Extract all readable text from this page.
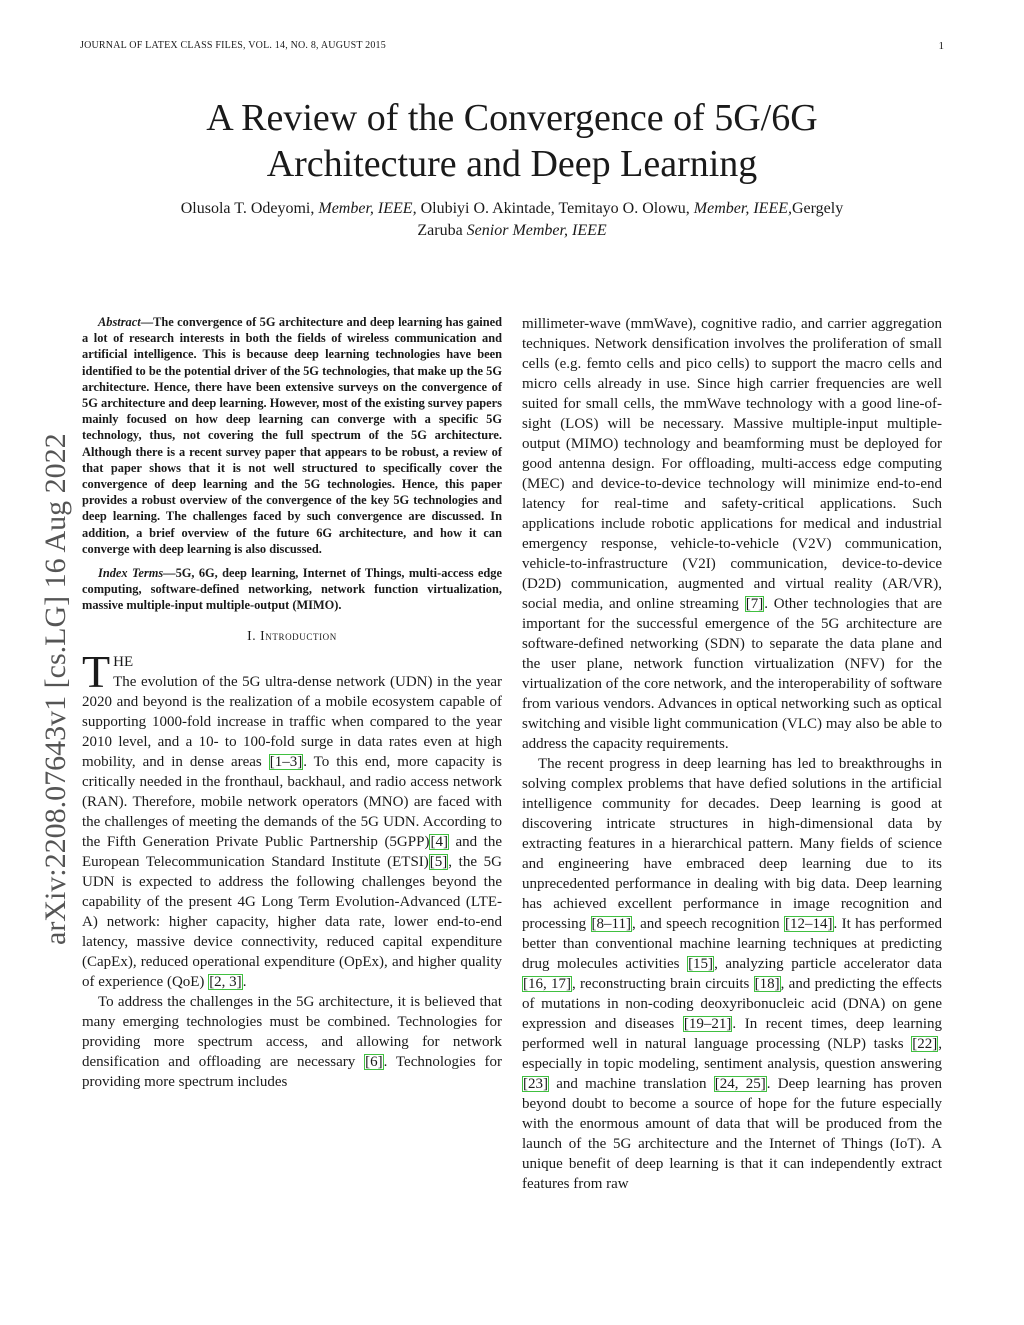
JOURNAL OF LATEX CLASS FILES, VOL. 14, NO. 8, AUGUST 2015	1
arXiv:2208.07643v1 [cs.LG] 16 Aug 2022
A Review of the Convergence of 5G/6G
Architecture and Deep Learning
Olusola T. Odeyomi, Member, IEEE, Olubiyi O. Akintade, Temitayo O. Olowu, Member, IEEE,Gergely
Zaruba Senior Member, IEEE

Abstract—The convergence of 5G architecture and deep learning has gained a lot of research interests in both the fields of wireless communication and artificial intelligence. This is because deep learning technologies have been identified to be the potential driver of the 5G technologies, that make up the 5G architecture. Hence, there have been extensive surveys on the convergence of 5G architecture and deep learning. However, most of the existing survey papers mainly focused on how deep learning can converge with a specific 5G technology, thus, not covering the full spectrum of the 5G architecture. Although there is a recent survey paper that appears to be robust, a review of that paper shows that it is not well structured to specifically cover the convergence of deep learning and the 5G technologies. Hence, this paper provides a robust overview of the convergence of the key 5G technologies and deep learning. The challenges faced by such convergence are discussed. In addition, a brief overview of the future 6G architecture, and how it can converge with deep learning is also discussed.

Index Terms—5G, 6G, deep learning, Internet of Things, multi-access edge computing, software-defined networking, network function virtualization, massive multiple-input multiple-output (MIMO).

I. Introduction

THE
The evolution of the 5G ultra-dense network (UDN) in the year 2020 and beyond is the realization of a mobile ecosystem capable of supporting 1000-fold increase in traffic when compared to the year 2010 level, and a 10- to 100-fold surge in data rates even at high mobility, and in dense areas [1–3]. To this end, more capacity is critically needed in the fronthaul, backhaul, and radio access network (RAN). Therefore, mobile network operators (MNO) are faced with the challenges of meeting the demands of the 5G UDN. According to the Fifth Generation Private Public Partnership (5GPP)[4] and the European Telecommunication Standard Institute (ETSI)[5], the 5G UDN is expected to address the following challenges beyond the capability of the present 4G Long Term Evolution-Advanced (LTE-A) network: higher capacity, higher data rate, lower end-to-end latency, massive device connectivity, reduced capital expenditure (CapEx), reduced operational expenditure (OpEx), and higher quality of experience (QoE) [2, 3].

To address the challenges in the 5G architecture, it is believed that many emerging technologies must be combined. Technologies for providing more spectrum access, and allowing for network densification and offloading are necessary [6]. Technologies for providing more spectrum includes

millimeter-wave (mmWave), cognitive radio, and carrier aggregation techniques. Network densification involves the proliferation of small cells (e.g. femto cells and pico cells) to support the macro cells and micro cells already in use. Since high carrier frequencies are well suited for small cells, the mmWave technology with a good line-of-sight (LOS) will be necessary. Massive multiple-input multiple-output (MIMO) technology and beamforming must be deployed for good antenna design. For offloading, multi-access edge computing (MEC) and device-to-device technology will minimize end-to-end latency for real-time and safety-critical applications. Such applications include robotic applications for medical and industrial emergency response, vehicle-to-vehicle (V2V) communication, vehicle-to-infrastructure (V2I) communication, device-to-device (D2D) communication, augmented and virtual reality (AR/VR), social media, and online streaming [7]. Other technologies that are important for the successful emergence of the 5G architecture are software-defined networking (SDN) to separate the data plane and the user plane, network function virtualization (NFV) for the virtualization of the core network, and the interoperability of software from various vendors. Advances in optical networking such as optical switching and visible light communication (VLC) may also be able to address the capacity requirements.

The recent progress in deep learning has led to breakthroughs in solving complex problems that have defied solutions in the artificial intelligence community for decades. Deep learning is good at discovering intricate structures in high-dimensional data by extracting features in a hierarchical pattern. Many fields of science and engineering have embraced deep learning due to its unprecedented performance in dealing with big data. Deep learning has achieved excellent performance in image recognition and processing [8–11], and speech recognition [12–14]. It has performed better than conventional machine learning techniques at predicting drug molecules activities [15], analyzing particle accelerator data [16, 17], reconstructing brain circuits [18], and predicting the effects of mutations in non-coding deoxyribonucleic acid (DNA) on gene expression and diseases [19–21]. In recent times, deep learning performed well in natural language processing (NLP) tasks [22], especially in topic modeling, sentiment analysis, question answering [23] and machine translation [24, 25]. Deep learning has proven beyond doubt to become a source of hope for the future especially with the enormous amount of data that will be produced from the launch of the 5G architecture and the Internet of Things (IoT). A unique benefit of deep learning is that it can independently extract features from raw
